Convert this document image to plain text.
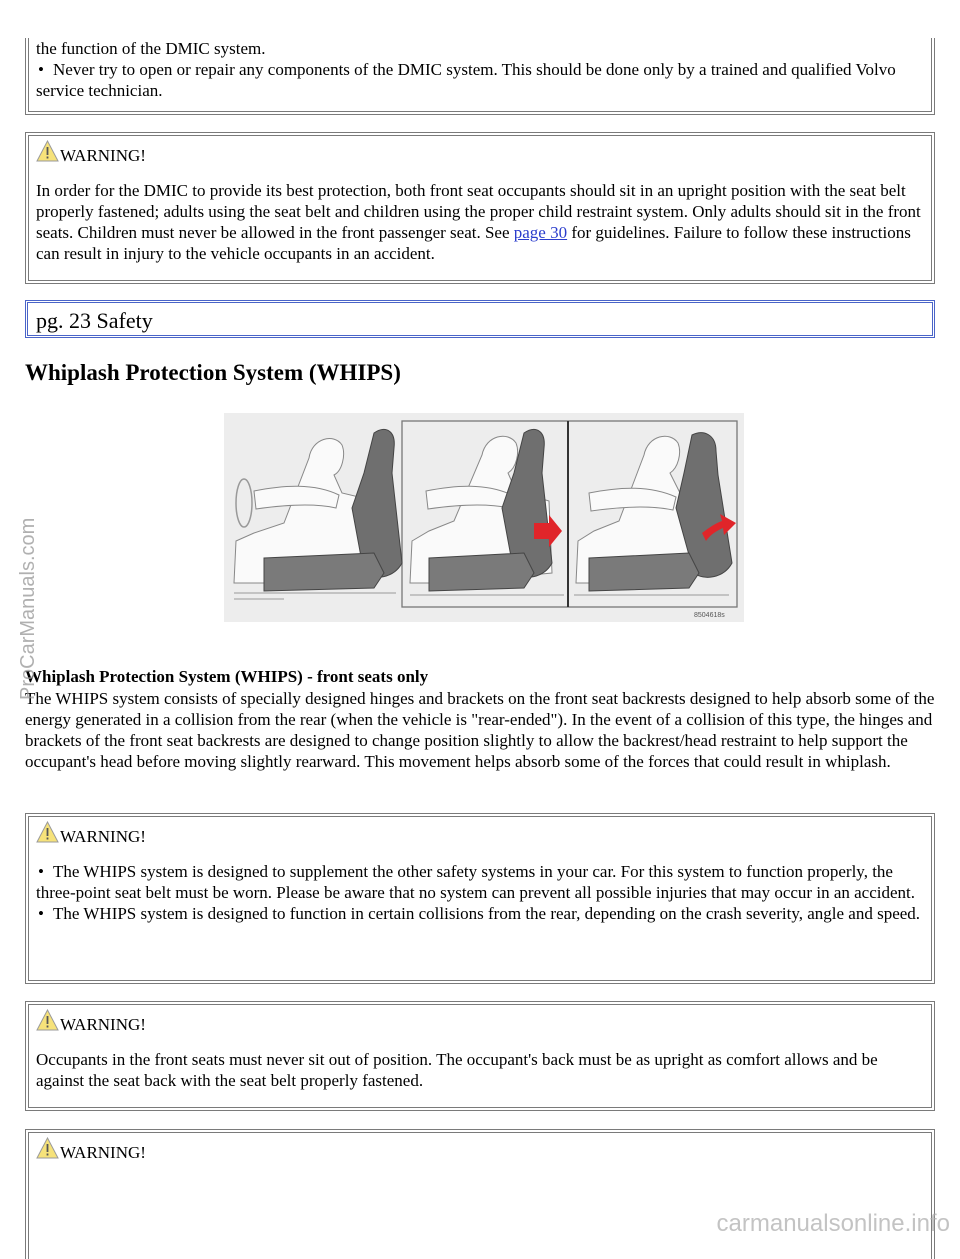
the function of the DMIC system.

• Never try to open or repair any components of the DMIC system. This should be done only by a trained and qualified Volvo service technician.
WARNING!

In order for the DMIC to provide its best protection, both front seat occupants should sit in an upright position with the seat belt properly fastened; adults using the seat belt and children using the proper child restraint system. Only adults should sit in the front seats. Children must never be allowed in the front passenger seat. See page 30 for guidelines. Failure to follow these instructions can result in injury to the vehicle occupants in an accident.

pg. 23 Safety
Whiplash Protection System (WHIPS)
8504618s
Whiplash Protection System (WHIPS) - front seats only

The WHIPS system consists of specially designed hinges and brackets on the front seat backrests designed to help absorb some of the energy generated in a collision from the rear (when the vehicle is "rear-ended"). In the event of a collision of this type, the hinges and brackets of the front seat backrests are designed to change position slightly to allow the backrest/head restraint to help support the occupant's head before moving slightly rearward. This movement helps absorb some of the forces that could result in whiplash.

WARNING!
• The WHIPS system is designed to supplement the other safety systems in your car. For this system to function properly, the three-point seat belt must be worn. Please be aware that no system can prevent all possible injuries that may occur in an accident.
• The WHIPS system is designed to function in certain collisions from the rear, depending on the crash severity, angle and speed.
WARNING!

Occupants in the front seats must never sit out of position. The occupant's back must be as upright as comfort allows and be against the seat back with the seat belt properly fastened.

WARNING!
ProCarManuals.com
carmanualsonline.info
